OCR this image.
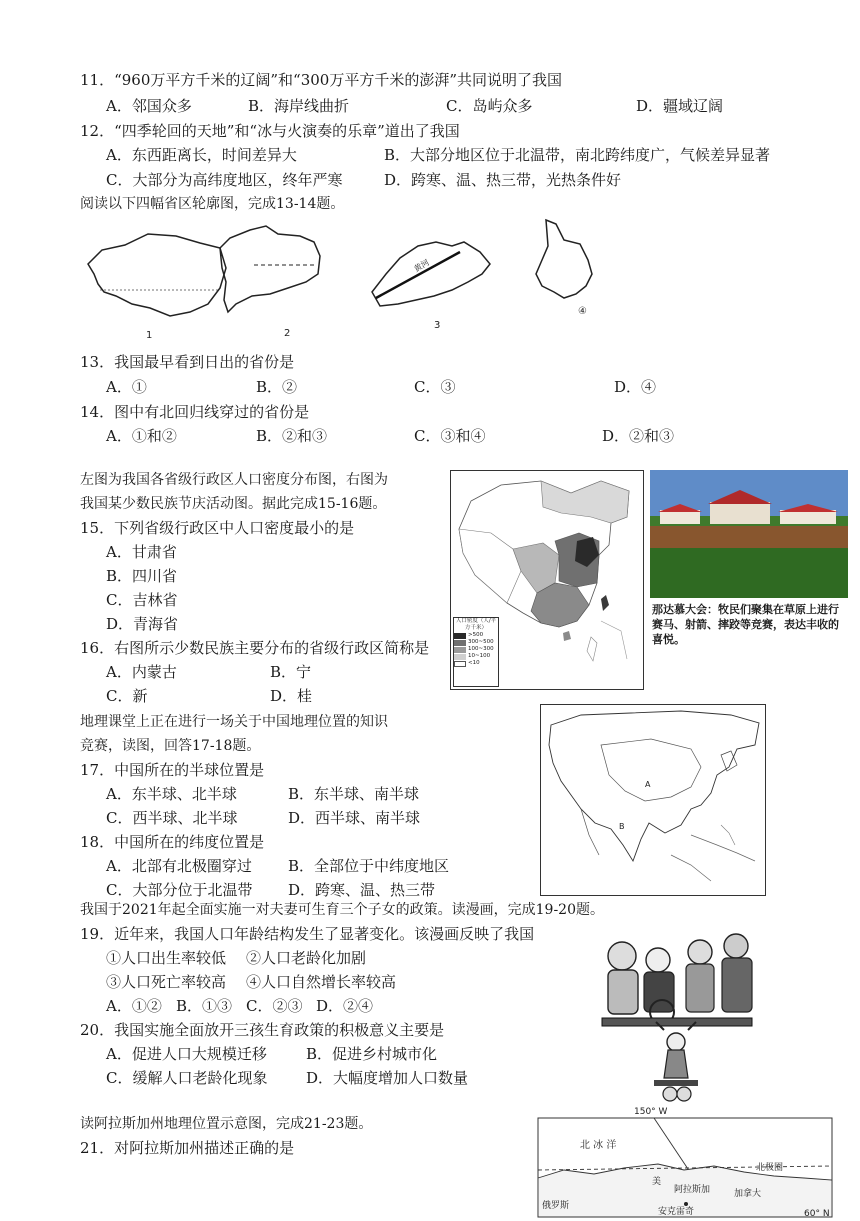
11．“960万平方千米的辽阔”和“300万平方千米的澎湃”共同说明了我国
A．邻国众多	B．海岸线曲折	C．岛屿众多	D．疆域辽阔
12．“四季轮回的天地”和“冰与火演奏的乐章”道出了我国
A．东西距离长，时间差异大	B．大部分地区位于北温带，南北跨纬度广，气候差异显著
C．大部分为高纬度地区，终年严寒	D．跨寒、温、热三带，光热条件好
阅读以下四幅省区轮廓图，完成13-14题。
黄河
1	2
3
④
13．我国最早看到日出的省份是
A．①	B．②	C．③	D．④
14．图中有北回归线穿过的省份是
A．①和②	B．②和③	C．③和④	D．②和③
左图为我国各省级行政区人口密度分布图，右图为
我国某少数民族节庆活动图。据此完成15-16题。
15．下列省级行政区中人口密度最小的是
A．甘肃省
B．四川省
C．吉林省
D．青海省
16．右图所示少数民族主要分布的省级行政区简称是
A．内蒙古	B．宁
C．新	D．桂
人口密度（人/平方千米）
>500
300~500
100~300
10~100
<10
那达慕大会：牧民们聚集在草原上进行赛马、射箭、摔跤等竞赛，表达丰收的喜悦。
地理课堂上正在进行一场关于中国地理位置的知识
竞赛，读图，回答17-18题。
17．中国所在的半球位置是
A．东半球、北半球	B．东半球、南半球
C．西半球、北半球	D．西半球、南半球
18．中国所在的纬度位置是
A．北部有北极圈穿过 B．全部位于中纬度地区
C．大部分位于北温带 D．跨寒、温、热三带
A
B
我国于2021年起全面实施一对夫妻可生育三个子女的政策。读漫画，完成19-20题。
19．近年来，我国人口年龄结构发生了显著变化。该漫画反映了我国
①人口出生率较低 ②人口老龄化加剧
③人口死亡率较高 ④人口自然增长率较高
A．①② B．①③ C．②③ D．②④
20．我国实施全面放开三孩生育政策的积极意义主要是
A．促进人口大规模迁移	B．促进乡村城市化
C．缓解人口老龄化现象	D．大幅度增加人口数量
读阿拉斯加州地理位置示意图，完成21-23题。
21．对阿拉斯加州描述正确的是
150° W
北 冰 洋
北极圈
美
阿拉斯加	加拿大
俄罗斯
安克雷奇	60° N
